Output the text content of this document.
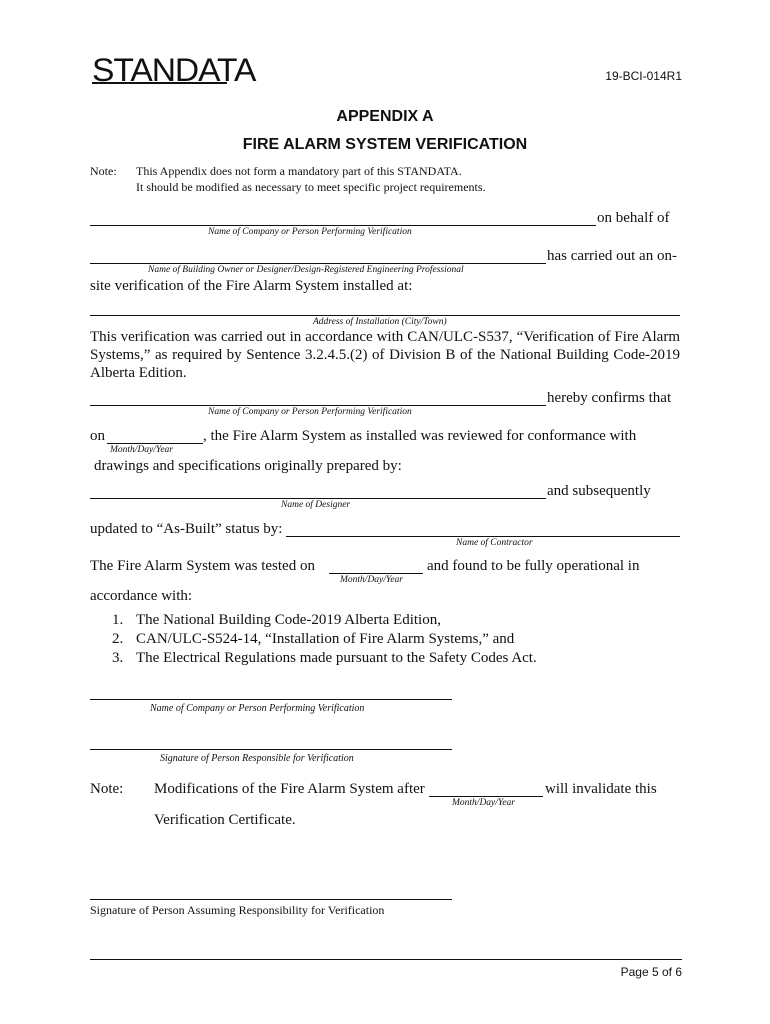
STANDATA	19-BCI-014R1
APPENDIX A
FIRE ALARM SYSTEM VERIFICATION
Note: This Appendix does not form a mandatory part of this STANDATA.
It should be modified as necessary to meet specific project requirements.
on behalf of
Name of Company or Person Performing Verification
has carried out an on-
Name of Building Owner or Designer/Design-Registered Engineering Professional
site verification of the Fire Alarm System installed at:
Address of Installation (City/Town)
This verification was carried out in accordance with CAN/ULC-S537, “Verification of Fire Alarm Systems,” as required by Sentence 3.2.4.5.(2) of Division B of the National Building Code-2019 Alberta Edition.
hereby confirms that
Name of Company or Person Performing Verification
on	, the Fire Alarm System as installed was reviewed for conformance with
Month/Day/Year
drawings and specifications originally prepared by:
and subsequently
Name of Designer
updated to “As-Built” status by:
Name of Contractor
The Fire Alarm System was tested on	and found to be fully operational in
Month/Day/Year
accordance with:
1. The National Building Code-2019 Alberta Edition,
2. CAN/ULC-S524-14, “Installation of Fire Alarm Systems,” and
3. The Electrical Regulations made pursuant to the Safety Codes Act.
Name of Company or Person Performing Verification
Signature of Person Responsible for Verification
Note: Modifications of the Fire Alarm System after	will invalidate this
Month/Day/Year
Verification Certificate.
Signature of Person Assuming Responsibility for Verification
Page 5 of 6
